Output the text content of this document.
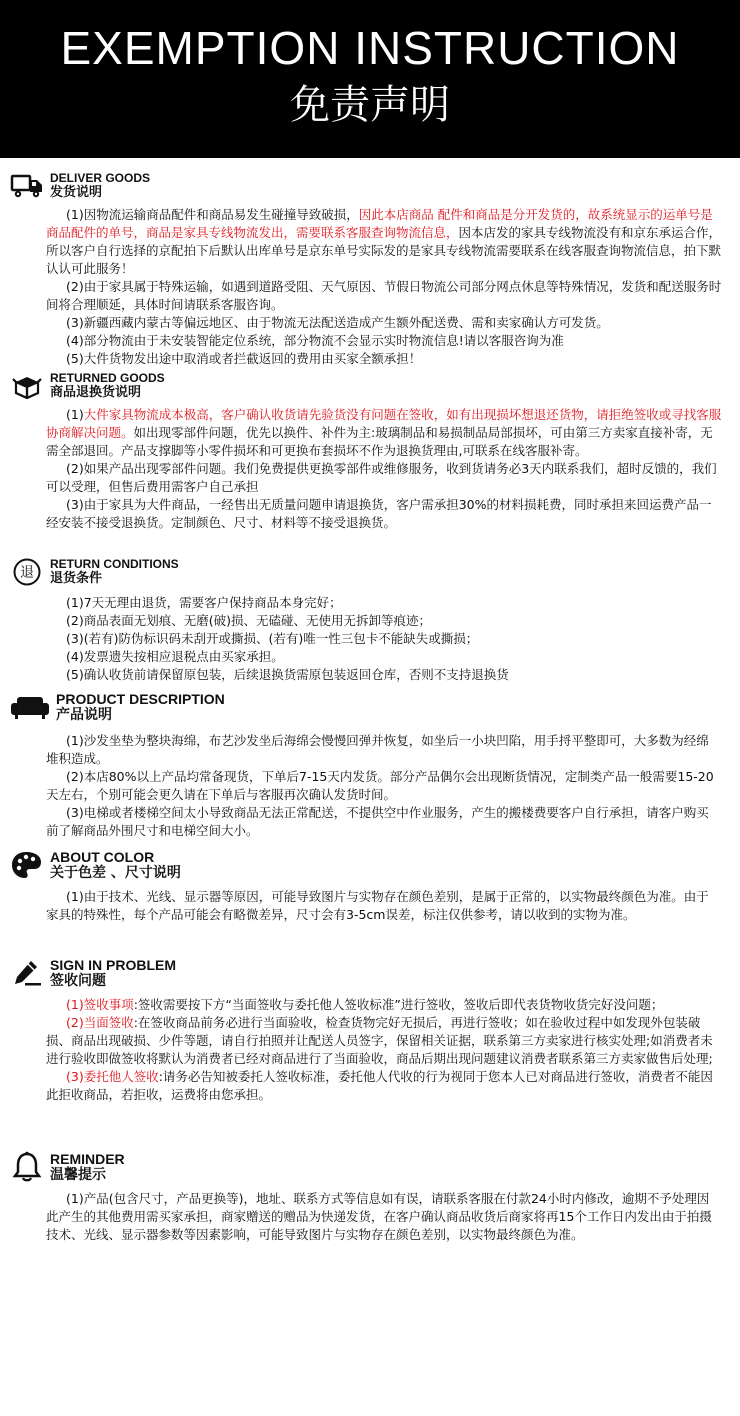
EXEMPTION INSTRUCTION
免责声明
DELIVER GOODS
发货说明

(1)因物流运输商品配件和商品易发生碰撞导致破损，因此本店商品 配件和商品是分开发货的，故系统显示的运单号是商品配件的单号，商品是家具专线物流发出，需要联系客服查询物流信息，因本店发的家具专线物流没有和京东承运合作，所以客户自行选择的京配拍下后默认出库单号是京东单号实际发的是家具专线物流需要联系在线客服查询物流信息，拍下默认认可此服务！

(2)由于家具属于特殊运输，如遇到道路受阻、天气原因、节假日物流公司部分网点休息等特殊情况，发货和配送服务时间将合理顺延，具体时间请联系客服咨询。

(3)新疆西藏内蒙古等偏远地区、由于物流无法配送造成产生额外配送费、需和卖家确认方可发货。

(4)部分物流由于未安装智能定位系统，部分物流不会显示实时物流信息!请以客服咨询为准

(5)大件货物发出途中取消或者拦截返回的费用由买家全额承担！

RETURNED GOODS
商品退换货说明

(1)大件家具物流成本极高，客户确认收货请先验货没有问题在签收，如有出现损坏想退还货物，请拒绝签收或寻找客服协商解决问题。如出现零部件问题，优先以换件、补件为主:玻璃制品和易损制品局部损坏，可由第三方卖家直接补寄，无需全部退回。产品支撑脚等小零件损坏和可更换布套损坏不作为退换货理由,可联系在线客服补寄。

(2)如果产品出现零部件问题。我们免费提供更换零部件或维修服务，收到货请务必3天内联系我们，超时反馈的，我们可以受理，但售后费用需客户自己承担

(3)由于家具为大件商品，一经售出无质量问题申请退换货，客户需承担30%的材料损耗费，同时承担来回运费产品一经安装不接受退换货。定制颜色、尺寸、材料等不接受退换货。

退
RETURN CONDITIONS
退货条件

(1)7天无理由退货，需要客户保持商品本身完好；

(2)商品表面无划痕、无磨(破)损、无磕碰、无使用无拆卸等痕迹；

(3)(若有)防伪标识码未刮开或撕损、(若有)唯一性三包卡不能缺失或撕损；

(4)发票遗失按相应退税点由买家承担。

(5)确认收货前请保留原包装，后续退换货需原包装返回仓库，否则不支持退换货

PRODUCT DESCRIPTION
产品说明

(1)沙发坐垫为整块海绵，布艺沙发坐后海绵会慢慢回弹并恢复，如坐后一小块凹陷，用手捋平整即可，大多数为经绵堆积造成。

(2)本店80%以上产品均常备现货，下单后7-15天内发货。部分产品偶尔会出现断货情况，定制类产品一般需要15-20天左右，个别可能会更久请在下单后与客服再次确认发货时间。

(3)电梯或者楼梯空间太小导致商品无法正常配送，不提供空中作业服务，产生的搬楼费要客户自行承担，请客户购买前了解商品外围尺寸和电梯空间大小。

ABOUT COLOR
关于色差 、尺寸说明

(1)由于技术、光线、显示器等原因，可能导致图片与实物存在颜色差别，是属于正常的，以实物最终颜色为准。由于家具的特殊性，每个产品可能会有略微差异，尺寸会有3-5cm误差，标注仅供参考，请以收到的实物为准。

SIGN IN PROBLEM
签收问题

(1)签收事项:签收需要按下方“当面签收与委托他人签收标准”进行签收，签收后即代表货物收货完好没问题；

(2)当面签收:在签收商品前务必进行当面验收，检查货物完好无损后，再进行签收；如在验收过程中如发现外包装破损、商品出现破损、少件等题，请自行拍照并让配送人员签字，保留相关证据，联系第三方卖家进行核实处理;如消费者未进行验收即做签收将默认为消费者已经对商品进行了当面验收，商品后期出现问题建议消费者联系第三方卖家做售后处理;

(3)委托他人签收:请务必告知被委托人签收标准，委托他人代收的行为视同于您本人已对商品进行签收，消费者不能因此拒收商品，若拒收，运费将由您承担。

REMINDER
温馨提示

(1)产品(包含尺寸，产品更换等)，地址、联系方式等信息如有误，请联系客服在付款24小时内修改，逾期不予处理因此产生的其他费用需买家承担，商家赠送的赠品为快递发货，在客户确认商品收货后商家将再15个工作日内发出由于拍摄技术、光线、显示器参数等因素影响，可能导致图片与实物存在颜色差别，以实物最终颜色为准。
